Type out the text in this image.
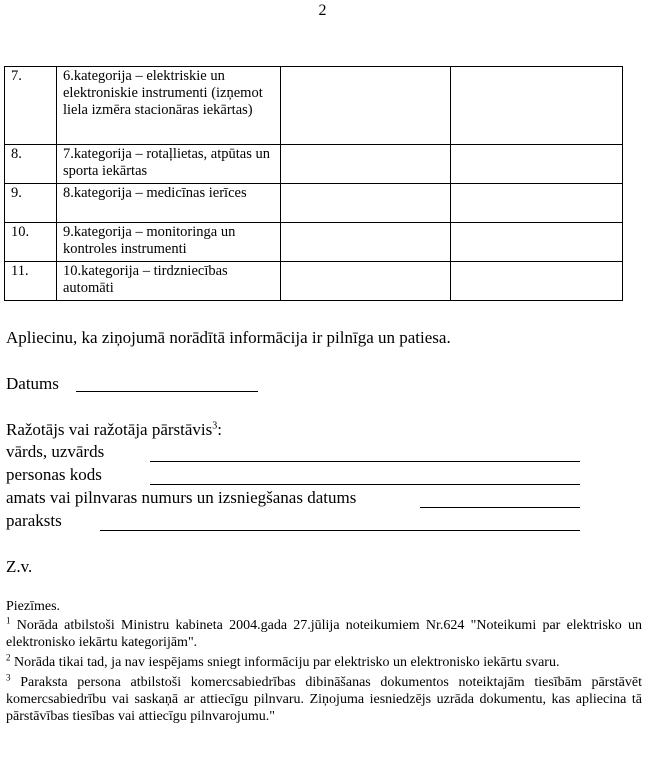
2
7.	6.kategorija – elektriskie un elektroniskie instrumenti (izņemot liela izmēra stacionāras iekārtas)		
8.	7.kategorija – rotaļlietas, atpūtas un sporta iekārtas		
9.	8.kategorija – medicīnas ierīces		
10.	9.kategorija – monitoringa un kontroles instrumenti		
11.	10.kategorija – tirdzniecības automāti		
Apliecinu, ka ziņojumā norādītā informācija ir pilnīga un patiesa.
Datums
Ražotājs vai ražotāja pārstāvis$^3$:
vārds, uzvārds
personas kods
amats vai pilnvaras numurs un izsniegšanas datums
paraksts
Z.v.

Piezīmes.

$^1$ Norāda atbilstoši Ministru kabineta 2004.gada 27.jūlija noteikumiem Nr.624 "Noteikumi par elektrisko un elektronisko iekārtu kategorijām".

$^2$ Norāda tikai tad, ja nav iespējams sniegt informāciju par elektrisko un elektronisko iekārtu svaru.

$^3$ Paraksta persona atbilstoši komercsabiedrības dibināšanas dokumentos noteiktajām tiesībām pārstāvēt komercsabiedrību vai saskaņā ar attiecīgu pilnvaru. Ziņojuma iesniedzējs uzrāda dokumentu, kas apliecina tā pārstāvības tiesības vai attiecīgu pilnvarojumu."
